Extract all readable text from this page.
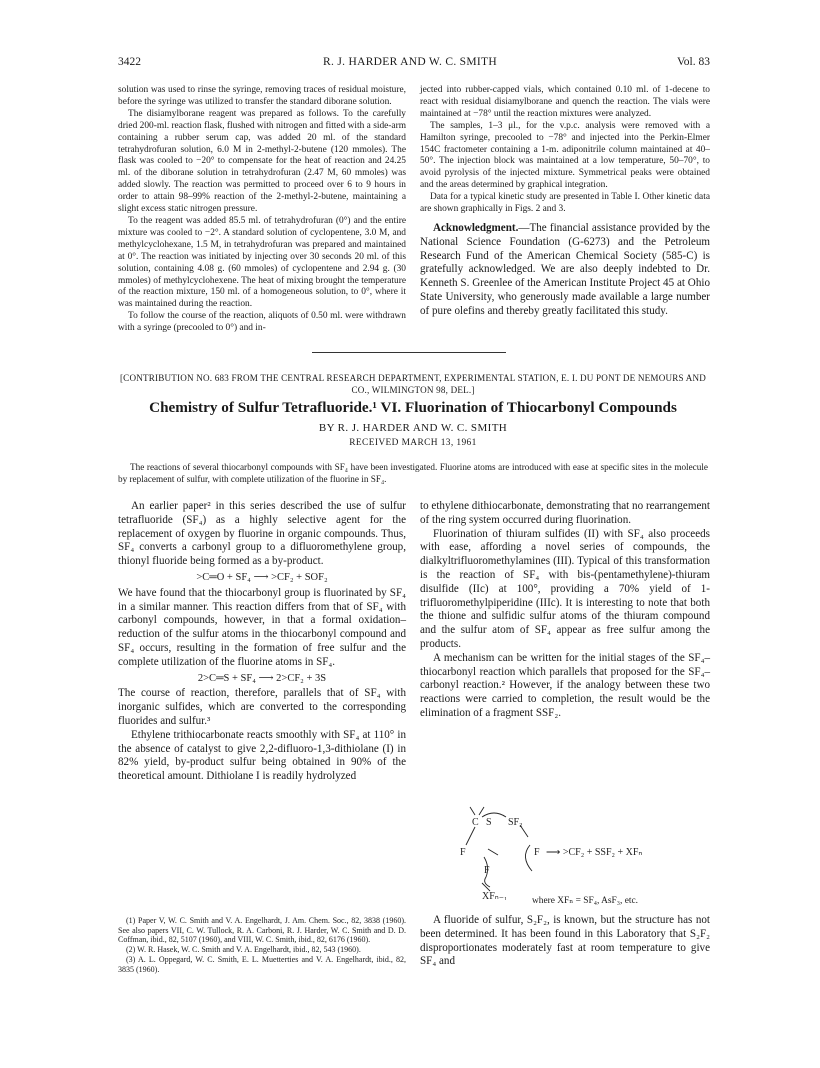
3422	R. J. HARDER AND W. C. SMITH	Vol. 83

solution was used to rinse the syringe, removing traces of residual moisture, before the syringe was utilized to transfer the standard diborane solution.

The disiamylborane reagent was prepared as follows. To the carefully dried 200-ml. reaction flask, flushed with nitrogen and fitted with a side-arm containing a rubber serum cap, was added 20 ml. of the standard tetrahydrofuran solution, 6.0 M in 2-methyl-2-butene (120 mmoles). The flask was cooled to −20° to compensate for the heat of reaction and 24.25 ml. of the diborane solution in tetrahydrofuran (2.47 M, 60 mmoles) was added slowly. The reaction was permitted to proceed over 6 to 9 hours in order to attain 98–99% reaction of the 2-methyl-2-butene, maintaining a slight excess static nitrogen pressure.

To the reagent was added 85.5 ml. of tetrahydrofuran (0°) and the entire mixture was cooled to −2°. A standard solution of cyclopentene, 3.0 M, and methylcyclohexane, 1.5 M, in tetrahydrofuran was prepared and maintained at 0°. The reaction was initiated by injecting over 30 seconds 20 ml. of this solution, containing 4.08 g. (60 mmoles) of cyclopentene and 2.94 g. (30 mmoles) of methylcyclohexene. The heat of mixing brought the temperature of the reaction mixture, 150 ml. of a homogeneous solution, to 0°, where it was maintained during the reaction.

To follow the course of the reaction, aliquots of 0.50 ml. were withdrawn with a syringe (precooled to 0°) and in-

jected into rubber-capped vials, which contained 0.10 ml. of 1-decene to react with residual disiamylborane and quench the reaction. The vials were maintained at −78° until the reaction mixtures were analyzed.

The samples, 1–3 μl., for the v.p.c. analysis were removed with a Hamilton syringe, precooled to −78° and injected into the Perkin-Elmer 154C fractometer containing a 1-m. adiponitrile column maintained at 40–50°. The injection block was maintained at a low temperature, 50–70°, to avoid pyrolysis of the injected mixture. Symmetrical peaks were obtained and the areas determined by graphical integration.

Data for a typical kinetic study are presented in Table I. Other kinetic data are shown graphically in Figs. 2 and 3.

Acknowledgment.—The financial assistance provided by the National Science Foundation (G-6273) and the Petroleum Research Fund of the American Chemical Society (585-C) is gratefully acknowledged. We are also deeply indebted to Dr. Kenneth S. Greenlee of the American Institute Project 45 at Ohio State University, who generously made available a large number of pure olefins and thereby greatly facilitated this study.

[CONTRIBUTION NO. 683 FROM THE CENTRAL RESEARCH DEPARTMENT, EXPERIMENTAL STATION, E. I. DU PONT DE NEMOURS AND CO., WILMINGTON 98, DEL.]
Chemistry of Sulfur Tetrafluoride.¹ VI. Fluorination of Thiocarbonyl Compounds
BY R. J. HARDER AND W. C. SMITH
RECEIVED MARCH 13, 1961
The reactions of several thiocarbonyl compounds with SF₄ have been investigated. Fluorine atoms are introduced with ease at specific sites in the molecule by replacement of sulfur, with complete utilization of the fluorine in SF₄.

An earlier paper² in this series described the use of sulfur tetrafluoride (SF₄) as a highly selective agent for the replacement of oxygen by fluorine in organic compounds. Thus, SF₄ converts a carbonyl group to a difluoromethylene group, thionyl fluoride being formed as a by-product.

>C═O + SF₄ ⟶ >CF₂ + SOF₂

We have found that the thiocarbonyl group is fluorinated by SF₄ in a similar manner. This reaction differs from that of SF₄ with carbonyl compounds, however, in that a formal oxidation–reduction of the sulfur atoms in the thiocarbonyl compound and SF₄ occurs, resulting in the formation of free sulfur and the complete utilization of the fluorine atoms in SF₄.

2>C═S + SF₄ ⟶ 2>CF₂ + 3S

The course of reaction, therefore, parallels that of SF₄ with inorganic sulfides, which are converted to the corresponding fluorides and sulfur.³

Ethylene trithiocarbonate reacts smoothly with SF₄ at 110° in the absence of catalyst to give 2,2-difluoro-1,3-dithiolane (I) in 82% yield, by-product sulfur being obtained in 90% of the theoretical amount. Dithiolane I is readily hydrolyzed

(1) Paper V, W. C. Smith and V. A. Engelhardt, J. Am. Chem. Soc., 82, 3838 (1960). See also papers VII, C. W. Tullock, R. A. Carboni, R. J. Harder, W. C. Smith and D. D. Coffman, ibid., 82, 5107 (1960), and VIII, W. C. Smith, ibid., 82, 6176 (1960).

(2) W. R. Hasek, W. C. Smith and V. A. Engelhardt, ibid., 82, 543 (1960).

(3) A. L. Oppegard, W. C. Smith, E. L. Muetterties and V. A. Engelhardt, ibid., 82, 3835 (1960).

to ethylene dithiocarbonate, demonstrating that no rearrangement of the ring system occurred during fluorination.

Fluorination of thiuram sulfides (II) with SF₄ also proceeds with ease, affording a novel series of compounds, the dialkyltrifluoromethylamines (III). Typical of this transformation is the reaction of SF₄ with bis-(pentamethylene)-thiuram disulfide (IIc) at 100°, providing a 70% yield of 1-trifluoromethylpiperidine (IIIc). It is interesting to note that both the thione and sulfidic sulfur atoms of the thiuram compound and the sulfur atom of SF₄ appear as free sulfur among the products.

A mechanism can be written for the initial stages of the SF₄–thiocarbonyl reaction which parallels that proposed for the SF₄–carbonyl reaction.² However, if the analogy between these two reactions were carried to completion, the result would be the elimination of a fragment SSF₂.

C S SF₂
F
F
F ⟶ >CF₂ + SSF₂ + XFₙ
XFₙ₋₁	where XFₙ = SF₄, AsF₃, etc.

A fluoride of sulfur, S₂F₂, is known, but the structure has not been determined. It has been found in this Laboratory that S₂F₂ disproportionates moderately fast at room temperature to give SF₄ and
